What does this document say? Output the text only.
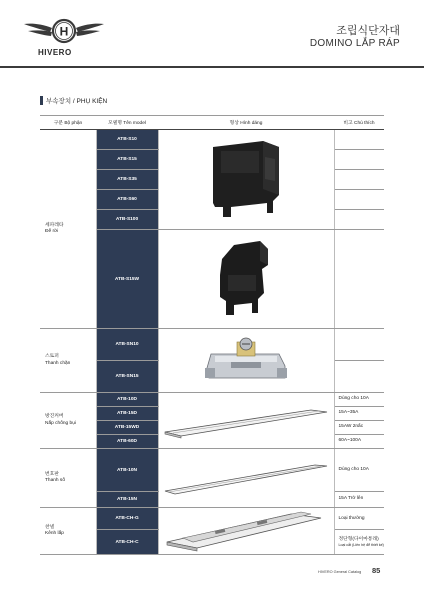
H
HIVERO
조립식단자대
DOMINO LẮP RÁP
부속장치 / PHỤ KIỆN
구분 Bộ phận	모델명 Tên model	형상 Hình dáng	비고 Chú thích

세파레타
Đế rời	ATB-S10		
	ATB-S15		
	ATB-S35		
	ATB-S60		
	ATB-S100		
	ATB-S15W		

스토퍼
Thanh chặn	ATB-SN10		
	ATB-SN15		

방진커버
Nắp chống bụi	ATB-10D		Dùng cho 10A
	ATB-15D		15A~35A
	ATB-15WD		15AW 2nấc
	ATB-60D		60A~100A

번호판
Thanh số	ATB-10N		Dùng cho 10A
	ATB-15N		15A Trở lên

찬넬
Kênh lắp	ATB-CH-G		Loại thường
	ATB-CH-C		정단형(다이마통래)
Loại cắt (Liên hệ để thiết kế)
HIVERO General Catalog 85
